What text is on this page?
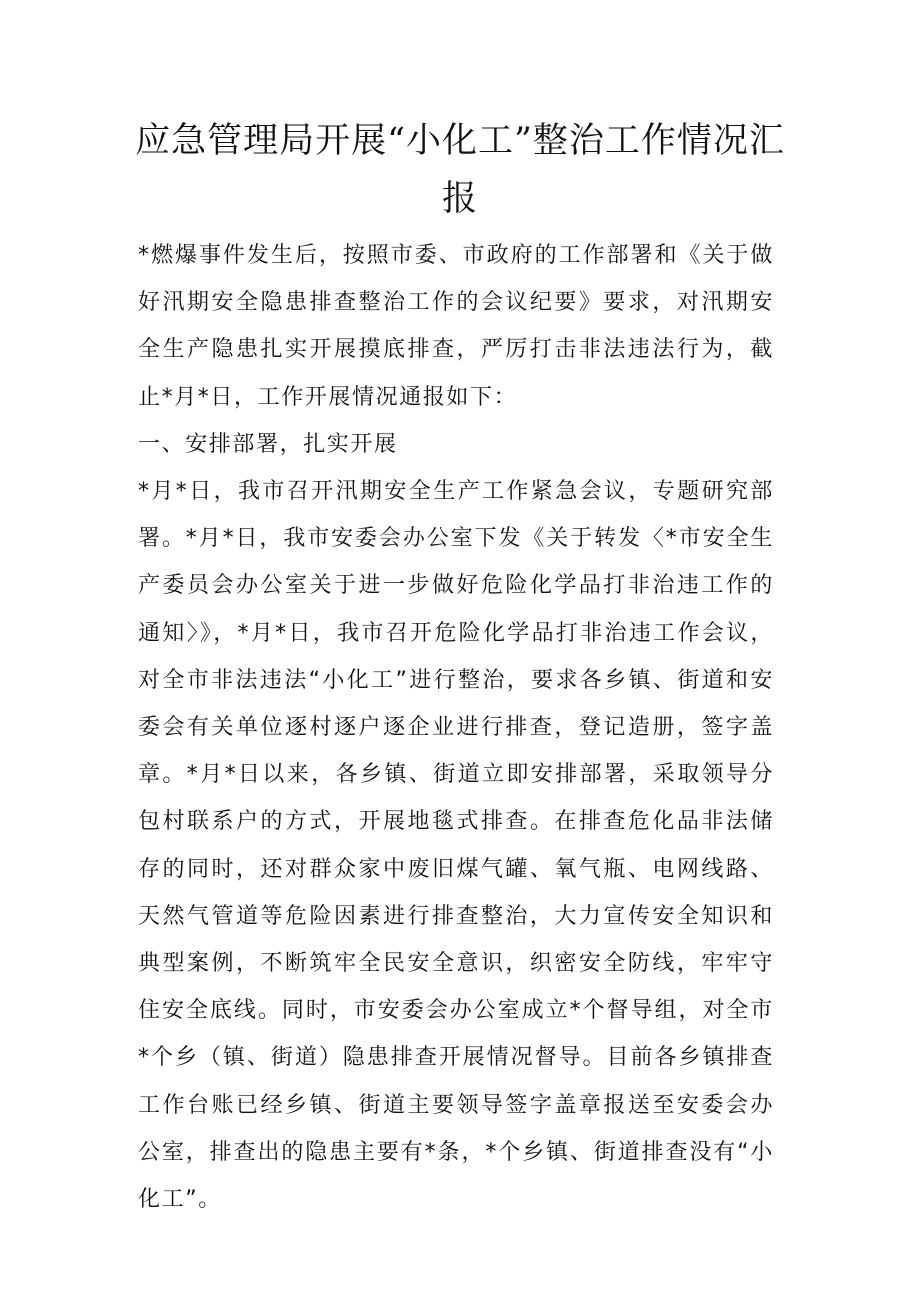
应急管理局开展“小化工”整治工作情况汇报

*燃爆事件发生后，按照市委、市政府的工作部署和《关于做好汛期安全隐患排查整治工作的会议纪要》要求，对汛期安全生产隐患扎实开展摸底排查，严厉打击非法违法行为，截止*月*日，工作开展情况通报如下：

一、安排部署，扎实开展

*月*日，我市召开汛期安全生产工作紧急会议，专题研究部署。*月*日，我市安委会办公室下发《关于转发〈*市安全生产委员会办公室关于进一步做好危险化学品打非治违工作的通知〉》，*月*日，我市召开危险化学品打非治违工作会议，对全市非法违法“小化工”进行整治，要求各乡镇、街道和安委会有关单位逐村逐户逐企业进行排查，登记造册，签字盖章。*月*日以来，各乡镇、街道立即安排部署，采取领导分包村联系户的方式，开展地毯式排查。在排查危化品非法储存的同时，还对群众家中废旧煤气罐、氧气瓶、电网线路、天然气管道等危险因素进行排查整治，大力宣传安全知识和典型案例，不断筑牢全民安全意识，织密安全防线，牢牢守住安全底线。同时，市安委会办公室成立*个督导组，对全市*个乡（镇、街道）隐患排查开展情况督导。目前各乡镇排查工作台账已经乡镇、街道主要领导签字盖章报送至安委会办公室，排查出的隐患主要有*条，*个乡镇、街道排查没有“小化工”。
